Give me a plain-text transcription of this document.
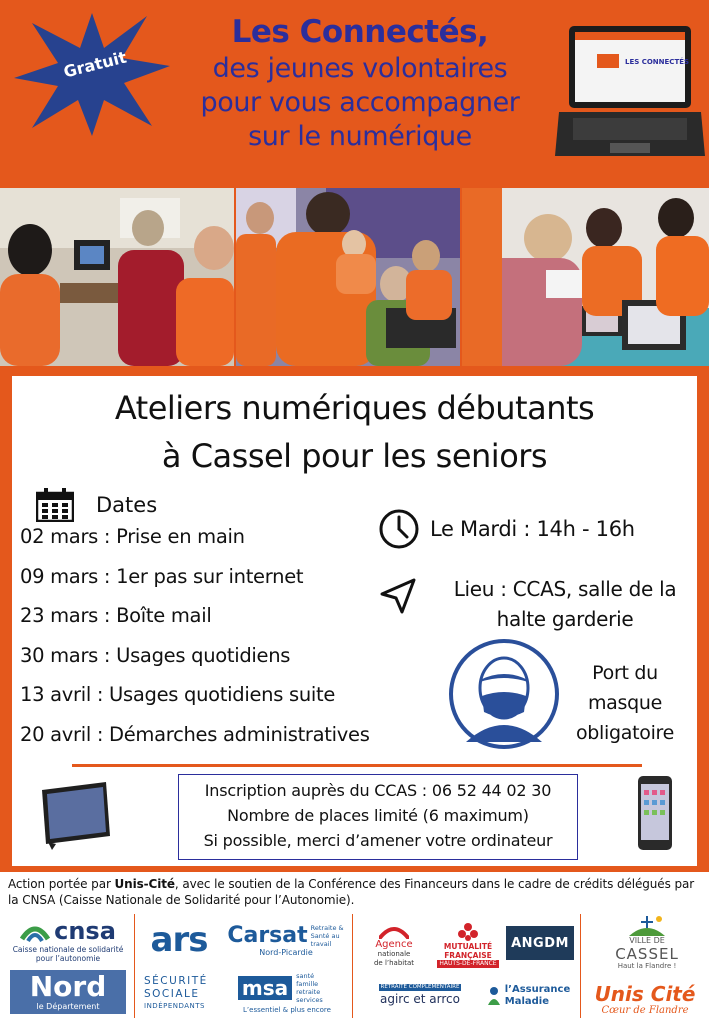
Gratuit
Les Connectés,
des jeunes volontaires
pour vous accompagner
sur le numérique
LES CONNECTÉS
Ateliers numériques débutants
à Cassel pour les seniors
Dates
02 mars : Prise en main
09 mars : 1er pas sur internet
23 mars : Boîte mail
30 mars : Usages quotidiens
13 avril : Usages quotidiens suite
20 avril : Démarches administratives
Le Mardi : 14h - 16h
Lieu : CCAS, salle de la
halte garderie
Port du
masque
obligatoire
Inscription auprès du CCAS : 06 52 44 02 30
Nombre de places limité (6 maximum)
Si possible, merci d’amener votre ordinateur
Action portée par Unis-Cité, avec le soutien de la Conférence des Financeurs dans le cadre de crédits délégués par la CNSA (Caisse Nationale de Solidarité pour l’Autonomie).
cnsa
Caisse nationale de solidarité pour l’autonomie
Nord
le Département
ars
SÉCURITÉ
SOCIALE
INDÉPENDANTS
Carsat Retraite & Santé au travail
Nord-Picardie
msa	santé famille retraite services
L’essentiel & plus encore
Agence
nationale
de l’habitat
MUTUALITÉ
FRANÇAISE
HAUTS-DE-FRANCE
ANGDM
RETRAITE COMPLÉMENTAIRE
agirc et arrco
l’Assurance
Maladie
VILLE DE
CASSEL
Haut la Flandre !
Unis Cité
Cœur de Flandre
